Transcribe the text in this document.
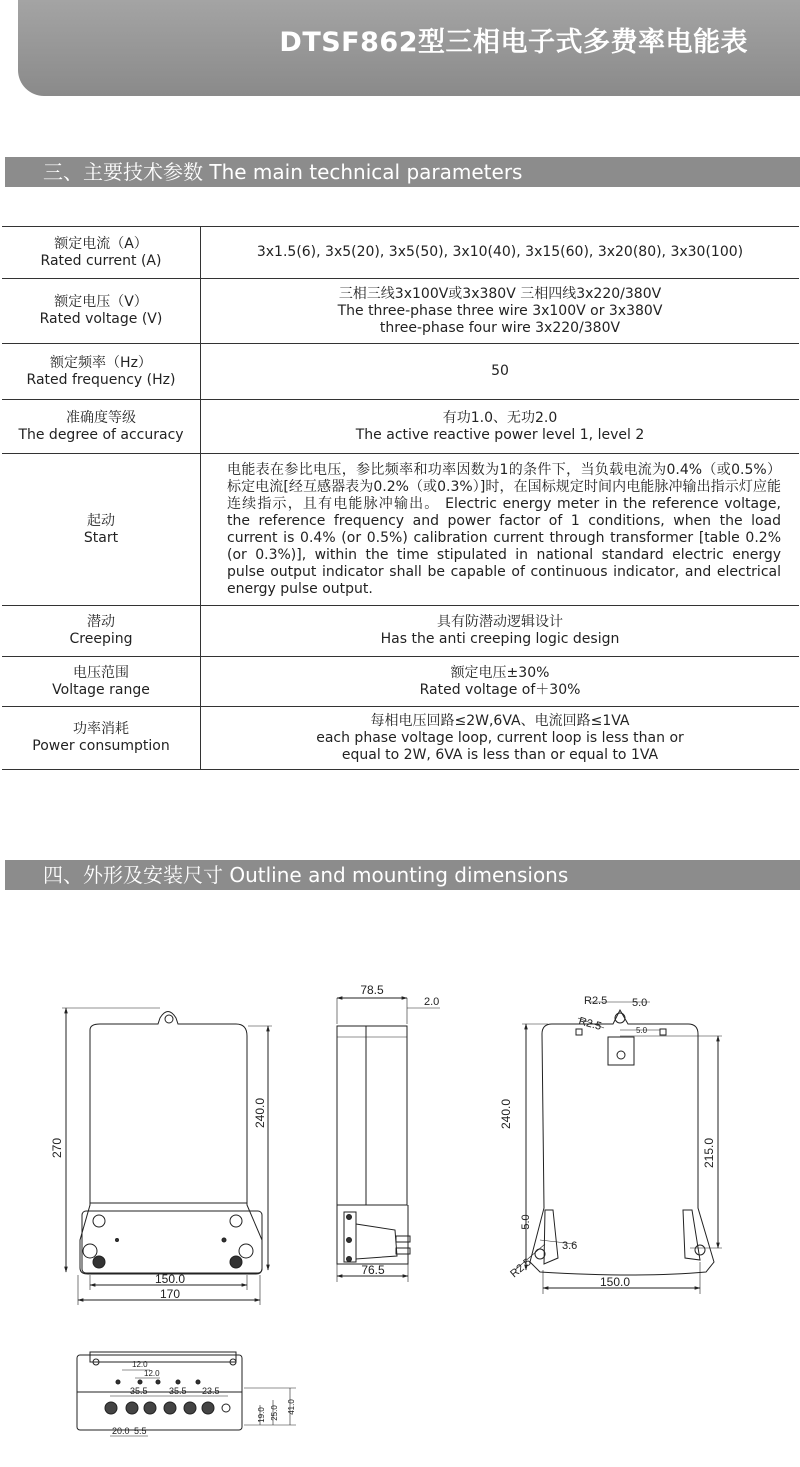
DTSF862型三相电子式多费率电能表
三、主要技术参数 The main technical parameters
额定电流（A）
Rated current (A)	3x1.5(6), 3x5(20), 3x5(50), 3x10(40), 3x15(60), 3x20(80), 3x30(100)

额定电压（V）
Rated voltage (V)	三相三线3x100V或3x380V 三相四线3x220/380V
The three-phase three wire 3x100V or 3x380V
three-phase four wire 3x220/380V

额定频率（Hz）
Rated frequency (Hz)	50

准确度等级
The degree of accuracy	有功1.0、无功2.0
The active reactive power level 1, level 2

起动
Start	电能表在参比电压，参比频率和功率因数为1的条件下，当负载电流为0.4%（或0.5%）标定电流[经互感器表为0.2%（或0.3%）]时，在国标规定时间内电能脉冲输出指示灯应能连续指示，且有电能脉冲输出。 Electric energy meter in the reference voltage, the reference frequency and power factor of 1 conditions, when the load current is 0.4% (or 0.5%) calibration current through transformer [table 0.2% (or 0.3%)], within the time stipulated in national standard electric energy pulse output indicator shall be capable of continuous indicator, and electrical energy pulse output.

潜动
Creeping	具有防潜动逻辑设计
Has the anti creeping logic design

电压范围
Voltage range	额定电压±30%
Rated voltage of＋30%

功率消耗
Power consumption	每相电压回路≤2W,6VA、电流回路≤1VA
each phase voltage loop, current loop is less than or
equal to 2W, 6VA is less than or equal to 1VA
四、外形及安装尺寸 Outline and mounting dimensions
270
240.0
150.0
170
78.5
2.0
76.5
R2.5 5.0
R2.5	5.0
240.0
215.0
5.0
R2.5
3.6
150.0
12.0
12.0
35.5 35.5 23.5
20.0 5.5
19.0 25.0 41.0
